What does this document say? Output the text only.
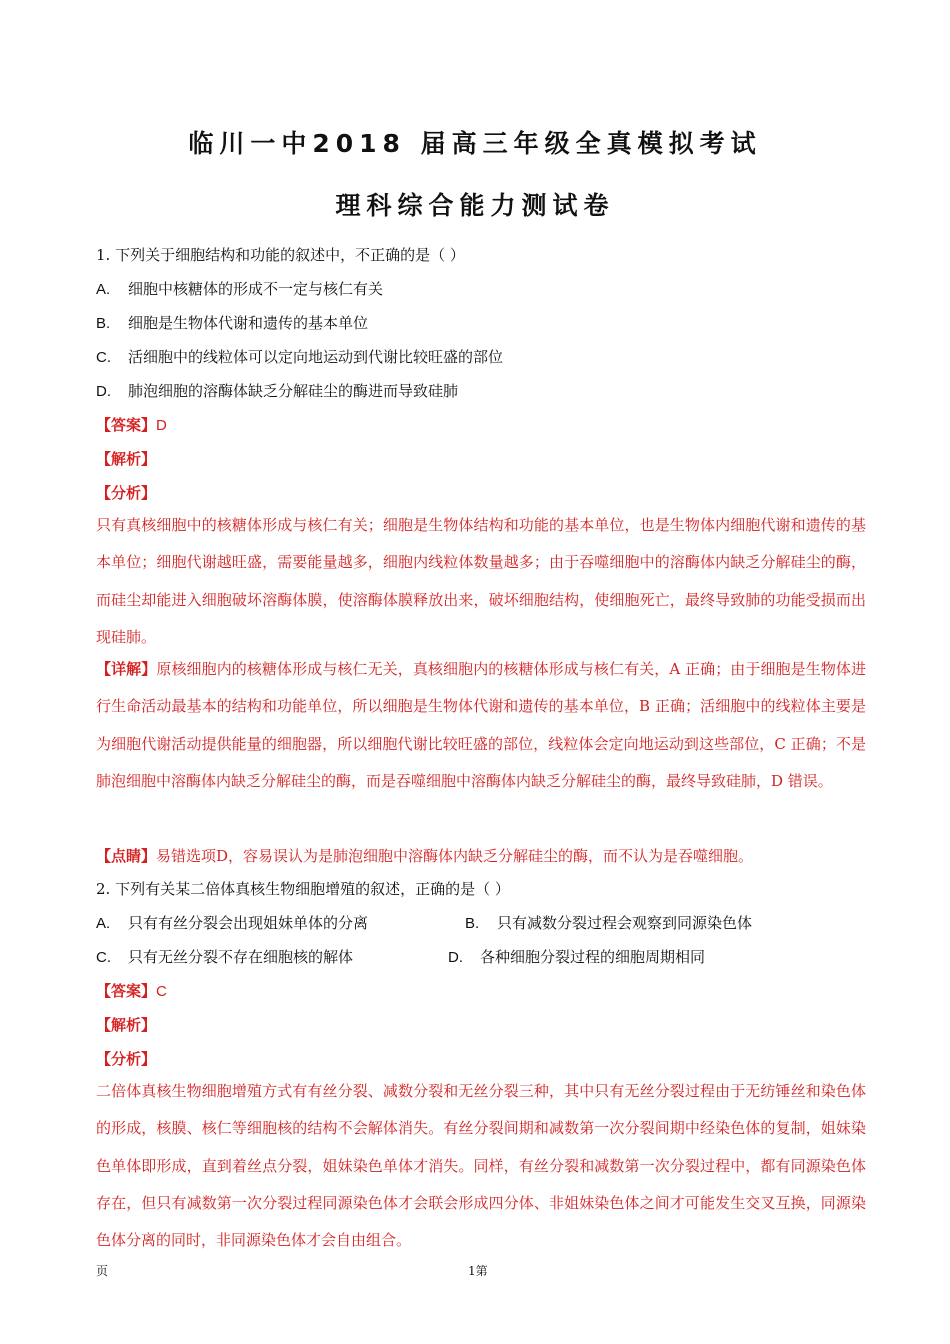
临川一中2018 届高三年级全真模拟考试
理科综合能力测试卷
1. 下列关于细胞结构和功能的叙述中，不正确的是（ ）
A. 细胞中核糖体的形成不一定与核仁有关
B. 细胞是生物体代谢和遗传的基本单位
C. 活细胞中的线粒体可以定向地运动到代谢比较旺盛的部位
D. 肺泡细胞的溶酶体缺乏分解硅尘的酶进而导致硅肺
【答案】D
【解析】
【分析】
只有真核细胞中的核糖体形成与核仁有关；细胞是生物体结构和功能的基本单位，也是生物体内细胞代谢和遗传的基本单位；细胞代谢越旺盛，需要能量越多，细胞内线粒体数量越多；由于吞噬细胞中的溶酶体内缺乏分解硅尘的酶，而硅尘却能进入细胞破坏溶酶体膜，使溶酶体膜释放出来，破坏细胞结构，使细胞死亡，最终导致肺的功能受损而出现硅肺。
【详解】原核细胞内的核糖体形成与核仁无关，真核细胞内的核糖体形成与核仁有关，A 正确；由于细胞是生物体进行生命活动最基本的结构和功能单位，所以细胞是生物体代谢和遗传的基本单位，B 正确；活细胞中的线粒体主要是为细胞代谢活动提供能量的细胞器，所以细胞代谢比较旺盛的部位，线粒体会定向地运动到这些部位，C 正确；不是肺泡细胞中溶酶体内缺乏分解硅尘的酶，而是吞噬细胞中溶酶体内缺乏分解硅尘的酶，最终导致硅肺，D 错误。
【点睛】易错选项D，容易误认为是肺泡细胞中溶酶体内缺乏分解硅尘的酶，而不认为是吞噬细胞。
2. 下列有关某二倍体真核生物细胞增殖的叙述，正确的是（ ）
A. 只有有丝分裂会出现姐妹单体的分离	B. 只有减数分裂过程会观察到同源染色体
C. 只有无丝分裂不存在细胞核的解体	D. 各种细胞分裂过程的细胞周期相同
【答案】C
【解析】
【分析】
二倍体真核生物细胞增殖方式有有丝分裂、减数分裂和无丝分裂三种，其中只有无丝分裂过程由于无纺锤丝和染色体的形成，核膜、核仁等细胞核的结构不会解体消失。有丝分裂间期和减数第一次分裂间期中经染色体的复制，姐妹染色单体即形成，直到着丝点分裂，姐妹染色单体才消失。同样，有丝分裂和减数第一次分裂过程中，都有同源染色体存在，但只有减数第一次分裂过程同源染色体才会联会形成四分体、非姐妹染色体之间才可能发生交叉互换，同源染色体分离的同时，非同源染色体才会自由组合。
页	1第
